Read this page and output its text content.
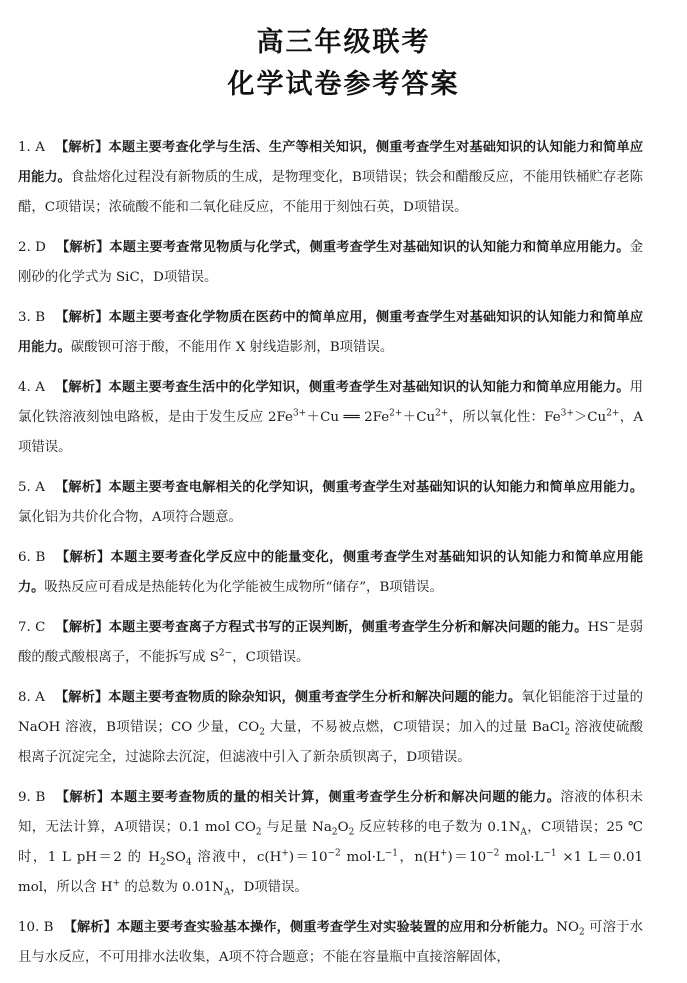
高三年级联考
化学试卷参考答案
1. A 【解析】本题主要考查化学与生活、生产等相关知识，侧重考查学生对基础知识的认知能力和简单应用能力。食盐熔化过程没有新物质的生成，是物理变化，B项错误；铁会和醋酸反应，不能用铁桶贮存老陈醋，C项错误；浓硫酸不能和二氧化硅反应，不能用于刻蚀石英，D项错误。
2. D 【解析】本题主要考查常见物质与化学式，侧重考查学生对基础知识的认知能力和简单应用能力。金刚砂的化学式为 SiC，D项错误。
3. B 【解析】本题主要考查化学物质在医药中的简单应用，侧重考查学生对基础知识的认知能力和简单应用能力。碳酸钡可溶于酸，不能用作 X 射线造影剂，B项错误。
4. A 【解析】本题主要考查生活中的化学知识，侧重考查学生对基础知识的认知能力和简单应用能力。用氯化铁溶液刻蚀电路板，是由于发生反应 $2Fe^{3+}+Cu$ ══ $2Fe^{2+}+Cu^{2+}$，所以氧化性：$Fe^{3+}>Cu^{2+}$，A项错误。
5. A 【解析】本题主要考查电解相关的化学知识，侧重考查学生对基础知识的认知能力和简单应用能力。氯化铝为共价化合物，A项符合题意。
6. B 【解析】本题主要考查化学反应中的能量变化，侧重考查学生对基础知识的认知能力和简单应用能力。吸热反应可看成是热能转化为化学能被生成物所“储存”，B项错误。
7. C 【解析】本题主要考查离子方程式书写的正误判断，侧重考查学生分析和解决问题的能力。HS−是弱酸的酸式酸根离子，不能拆写成 $S^{2-}$，C项错误。
8. A 【解析】本题主要考查物质的除杂知识，侧重考查学生分析和解决问题的能力。氧化铝能溶于过量的 NaOH 溶液，B项错误；CO 少量，$CO_2$ 大量，不易被点燃，C项错误；加入的过量 BaCl$_2$ 溶液使硫酸根离子沉淀完全，过滤除去沉淀，但滤液中引入了新杂质钡离子，D项错误。
9. B 【解析】本题主要考查物质的量的相关计算，侧重考查学生分析和解决问题的能力。溶液的体积未知，无法计算，A项错误；0.1 mol $CO_2$ 与足量 $Na_2O_2$ 反应转移的电子数为 $0.1N_A$，C项错误；25 ℃时，1 L pH＝2 的 $H_2SO_4$ 溶液中，$c(H^+)=10^{-2}$ $mol\cdot L^{-1}$，$n(H^+)=10^{-2}$ $mol\cdot L^{-1} \times 1$ L＝0.01 mol，所以含 H+ 的总数为 $0.01N_A$，D项错误。
10. B 【解析】本题主要考查实验基本操作，侧重考查学生对实验装置的应用和分析能力。$NO_2$ 可溶于水且与水反应，不可用排水法收集，A项不符合题意；不能在容量瓶中直接溶解固体，
